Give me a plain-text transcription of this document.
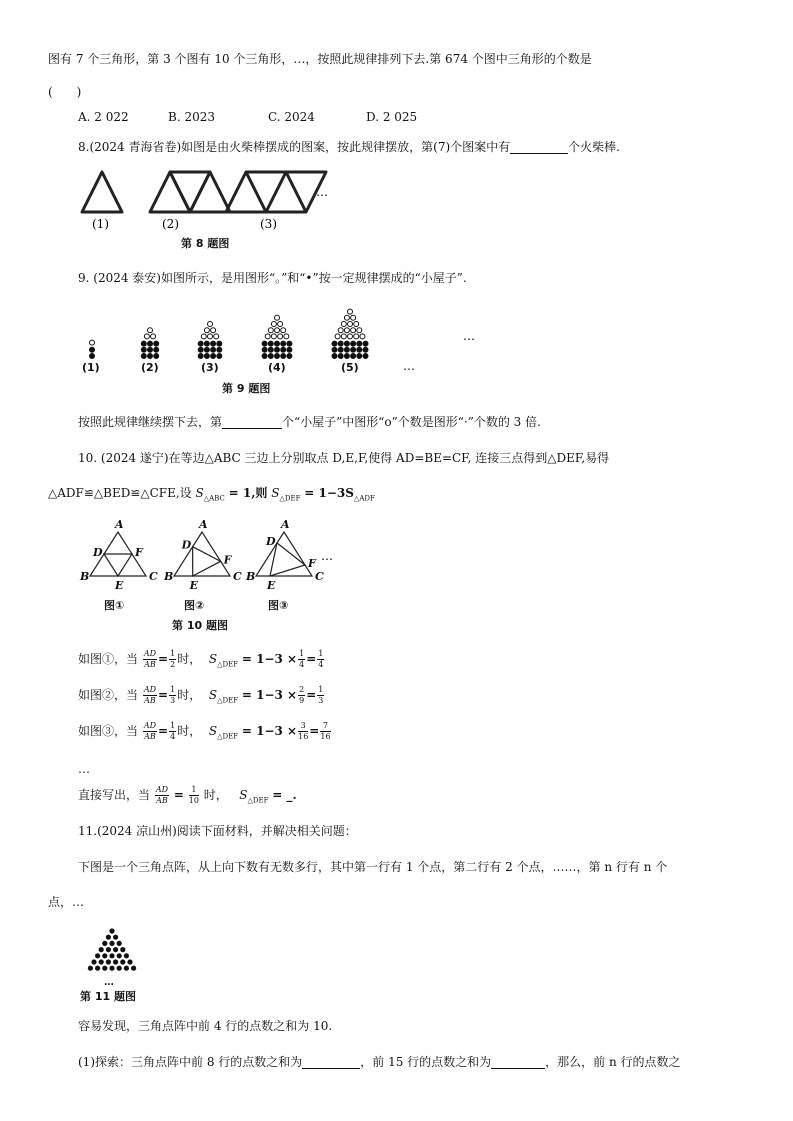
图有 7 个三角形，第 3 个图有 10 个三角形，…，按照此规律排列下去.第 674 个图中三角形的个数是
(　　)
A. 2 022	B. 2023	C. 2024	D. 2 025
8.(2024 青海省卷)如图是由火柴棒摆成的图案，按此规律摆放，第(7)个图案中有	个火柴棒.
…
(1)	(2)	(3)
第 8 题图
9. (2024 泰安)如图所示，是用图形“。”和“•”按一定规律摆成的“小屋子”.
…
…
(1)	(2)	(3)	(4)	(5)
第 9 题图
按照此规律继续摆下去，第	个“小屋子”中图形“o”个数是图形“·”个数的 3 倍.
10. (2024 遂宁)在等边△ABC 三边上分别取点 D,E,F,使得 AD=BE=CF, 连接三点得到△DEF,易得
△ADF≌△BED≌△CFE,设 $S_{\triangle ABC} = 1$,则 $S_{\triangle DEF} = 1-3S_{\triangle ADF}$
A
B	C
D
E
F
A
B	C
D
E
F
A
B	C
D
E
F
…
图①	图②	图③
第 10 题图
如图①，当 $\frac{AD}{AB} = \frac{1}{2}$ 时， $S_{\triangle DEF} = 1-3 \times \frac{1}{4} = \frac{1}{4}$
如图②，当 $\frac{AD}{AB} = \frac{1}{3}$ 时， $S_{\triangle DEF} = 1-3 \times \frac{2}{9} = \frac{1}{3}$
如图③，当 $\frac{AD}{AB} = \frac{1}{4}$ 时， $S_{\triangle DEF} = 1-3 \times \frac{3}{16} = \frac{7}{16}$
…
直接写出，当 $\frac{AD}{AB} = \frac{1}{10}$ 时， $S_{\triangle DEF}$ = _.
11.(2024 凉山州)阅读下面材料，并解决相关问题：
下图是一个三角点阵，从上向下数有无数多行，其中第一行有 1 个点，第二行有 2 个点，……，第 n 行有 n 个
点，…
…
第 11 题图
容易发现，三角点阵中前 4 行的点数之和为 10.
(1)探索：三角点阵中前 8 行的点数之和为	，前 15 行的点数之和为	，那么，前 n 行的点数之
